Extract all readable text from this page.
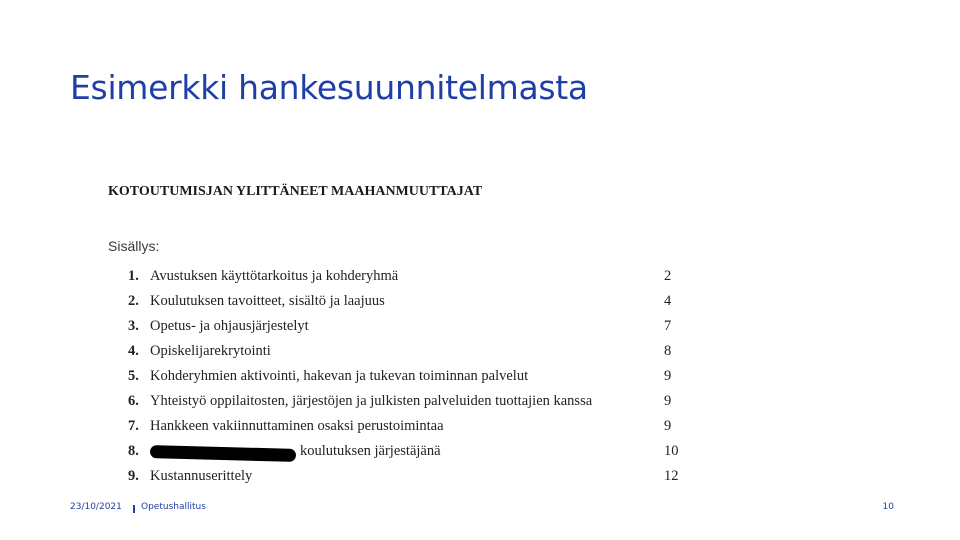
Esimerkki hankesuunnitelmasta
KOTOUTUMISJAN YLITTÄNEET MAAHANMUUTTAJAT
Sisällys:
1. Avustuksen käyttötarkoitus ja kohderyhmä	2
2. Koulutuksen tavoitteet, sisältö ja laajuus	4
3. Opetus- ja ohjausjärjestelyt	7
4. Opiskelijarekrytointi	8
5. Kohderyhmien aktivointi, hakevan ja tukevan toiminnan palvelut	9
6. Yhteistyö oppilaitosten, järjestöjen ja julkisten palveluiden tuottajien kanssa	9
7. Hankkeen vakiinnuttaminen osaksi perustoimintaa	9
8.	koulutuksen järjestäjänä	10
9. Kustannuserittely	12
23/10/2021 Opetushallitus	10
